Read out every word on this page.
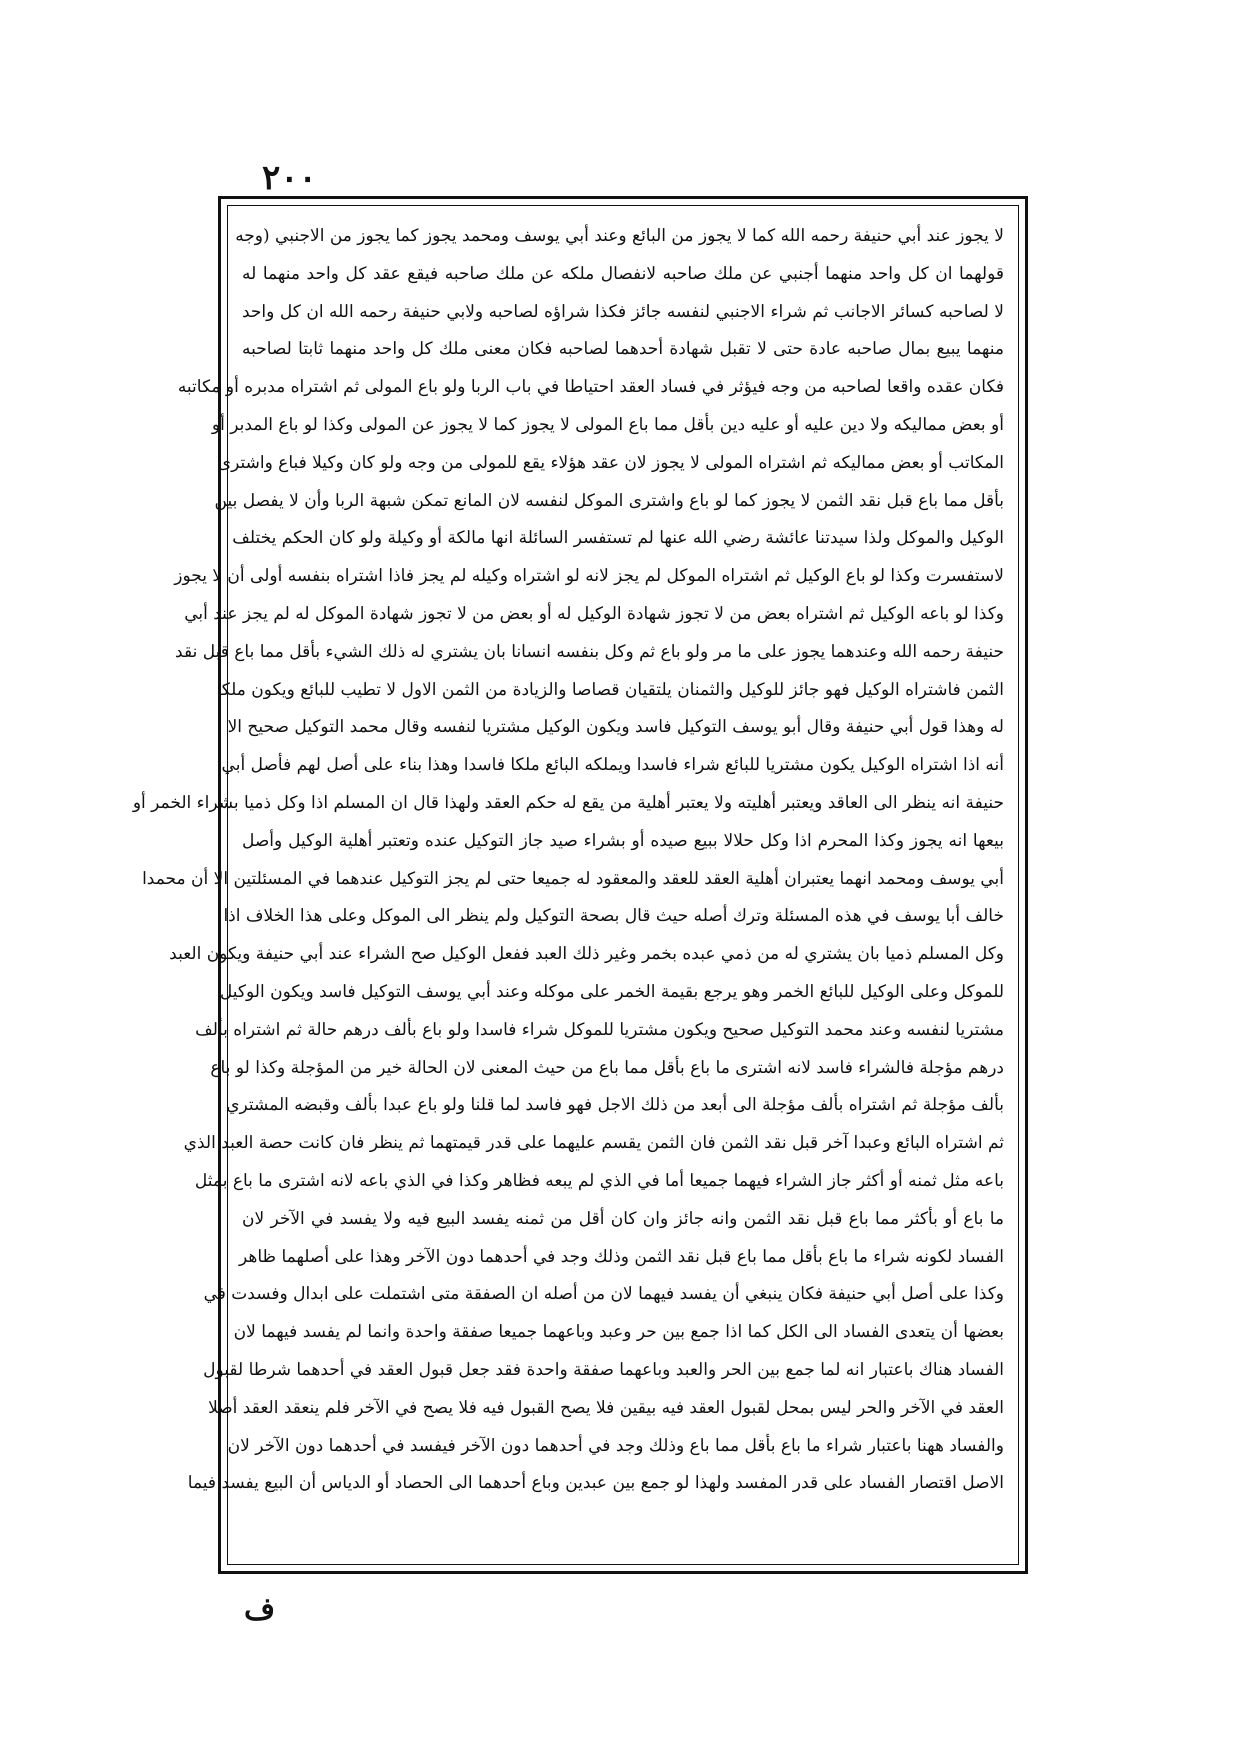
٢٠٠
لا يجوز عند أبي حنيفة رحمه الله كما لا يجوز من البائع وعند أبي يوسف ومحمد يجوز كما يجوز من الاجنبي (وجه
قولهما ان كل واحد منهما أجنبي عن ملك صاحبه لانفصال ملكه عن ملك صاحبه فيقع عقد كل واحد منهما له
لا لصاحبه كسائر الاجانب ثم شراء الاجنبي لنفسه جائز فكذا شراؤه لصاحبه ولابي حنيفة رحمه الله ان كل واحد
منهما يبيع بمال صاحبه عادة حتى لا تقبل شهادة أحدهما لصاحبه فكان معنى ملك كل واحد منهما ثابتا لصاحبه
فكان عقده واقعا لصاحبه من وجه فيؤثر في فساد العقد احتياطا في باب الربا ولو باع المولى ثم اشتراه مدبره أو مكاتبه
أو بعض مماليكه ولا دين عليه أو عليه دين بأقل مما باع المولى لا يجوز كما لا يجوز عن المولى وكذا لو باع المدبر أو
المكاتب أو بعض مماليكه ثم اشتراه المولى لا يجوز لان عقد هؤلاء يقع للمولى من وجه ولو كان وكيلا فباع واشترى
بأقل مما باع قبل نقد الثمن لا يجوز كما لو باع واشترى الموكل لنفسه لان المانع تمكن شبهة الربا وأن لا يفصل بين
الوكيل والموكل ولذا سيدتنا عائشة رضي الله عنها لم تستفسر السائلة انها مالكة أو وكيلة ولو كان الحكم يختلف
لاستفسرت وكذا لو باع الوكيل ثم اشتراه الموكل لم يجز لانه لو اشتراه وكيله لم يجز فاذا اشتراه بنفسه أولى أن لا يجوز
وكذا لو باعه الوكيل ثم اشتراه بعض من لا تجوز شهادة الوكيل له أو بعض من لا تجوز شهادة الموكل له لم يجز عند أبي
حنيفة رحمه الله وعندهما يجوز على ما مر ولو باع ثم وكل بنفسه انسانا بان يشتري له ذلك الشيء بأقل مما باع قبل نقد
الثمن فاشتراه الوكيل فهو جائز للوكيل والثمنان يلتقيان قصاصا والزيادة من الثمن الاول لا تطيب للبائع ويكون ملكا
له وهذا قول أبي حنيفة وقال أبو يوسف التوكيل فاسد ويكون الوكيل مشتريا لنفسه وقال محمد التوكيل صحيح الا
أنه اذا اشتراه الوكيل يكون مشتريا للبائع شراء فاسدا ويملكه البائع ملكا فاسدا وهذا بناء على أصل لهم فأصل أبي
حنيفة انه ينظر الى العاقد ويعتبر أهليته ولا يعتبر أهلية من يقع له حكم العقد ولهذا قال ان المسلم اذا وكل ذميا بشراء الخمر أو
بيعها انه يجوز وكذا المحرم اذا وكل حلالا ببيع صيده أو بشراء صيد جاز التوكيل عنده وتعتبر أهلية الوكيل وأصل
أبي يوسف ومحمد انهما يعتبران أهلية العقد للعقد والمعقود له جميعا حتى لم يجز التوكيل عندهما في المسئلتين الا أن محمدا
خالف أبا يوسف في هذه المسئلة وترك أصله حيث قال بصحة التوكيل ولم ينظر الى الموكل وعلى هذا الخلاف اذا
وكل المسلم ذميا بان يشتري له من ذمي عبده بخمر وغير ذلك العبد ففعل الوكيل صح الشراء عند أبي حنيفة ويكون العبد
للموكل وعلى الوكيل للبائع الخمر وهو يرجع بقيمة الخمر على موكله وعند أبي يوسف التوكيل فاسد ويكون الوكيل
مشتريا لنفسه وعند محمد التوكيل صحيح ويكون مشتريا للموكل شراء فاسدا ولو باع بألف درهم حالة ثم اشتراه بألف
درهم مؤجلة فالشراء فاسد لانه اشترى ما باع بأقل مما باع من حيث المعنى لان الحالة خير من المؤجلة وكذا لو باع
بألف مؤجلة ثم اشتراه بألف مؤجلة الى أبعد من ذلك الاجل فهو فاسد لما قلنا ولو باع عبدا بألف وقبضه المشتري
ثم اشتراه البائع وعبدا آخر قبل نقد الثمن فان الثمن يقسم عليهما على قدر قيمتهما ثم ينظر فان كانت حصة العبد الذي
باعه مثل ثمنه أو أكثر جاز الشراء فيهما جميعا أما في الذي لم يبعه فظاهر وكذا في الذي باعه لانه اشترى ما باع بمثل
ما باع أو بأكثر مما باع قبل نقد الثمن وانه جائز وان كان أقل من ثمنه يفسد البيع فيه ولا يفسد في الآخر لان
الفساد لكونه شراء ما باع بأقل مما باع قبل نقد الثمن وذلك وجد في أحدهما دون الآخر وهذا على أصلهما ظاهر
وكذا على أصل أبي حنيفة فكان ينبغي أن يفسد فيهما لان من أصله ان الصفقة متى اشتملت على ابدال وفسدت في
بعضها أن يتعدى الفساد الى الكل كما اذا جمع بين حر وعبد وباعهما جميعا صفقة واحدة وانما لم يفسد فيهما لان
الفساد هناك باعتبار انه لما جمع بين الحر والعبد وباعهما صفقة واحدة فقد جعل قبول العقد في أحدهما شرطا لقبول
العقد في الآخر والحر ليس بمحل لقبول العقد فيه بيقين فلا يصح القبول فيه فلا يصح في الآخر فلم ينعقد العقد أصلا
والفساد ههنا باعتبار شراء ما باع بأقل مما باع وذلك وجد في أحدهما دون الآخر فيفسد في أحدهما دون الآخر لان
الاصل اقتصار الفساد على قدر المفسد ولهذا لو جمع بين عبدين وباع أحدهما الى الحصاد أو الدياس أن البيع يفسد فيما
ف
